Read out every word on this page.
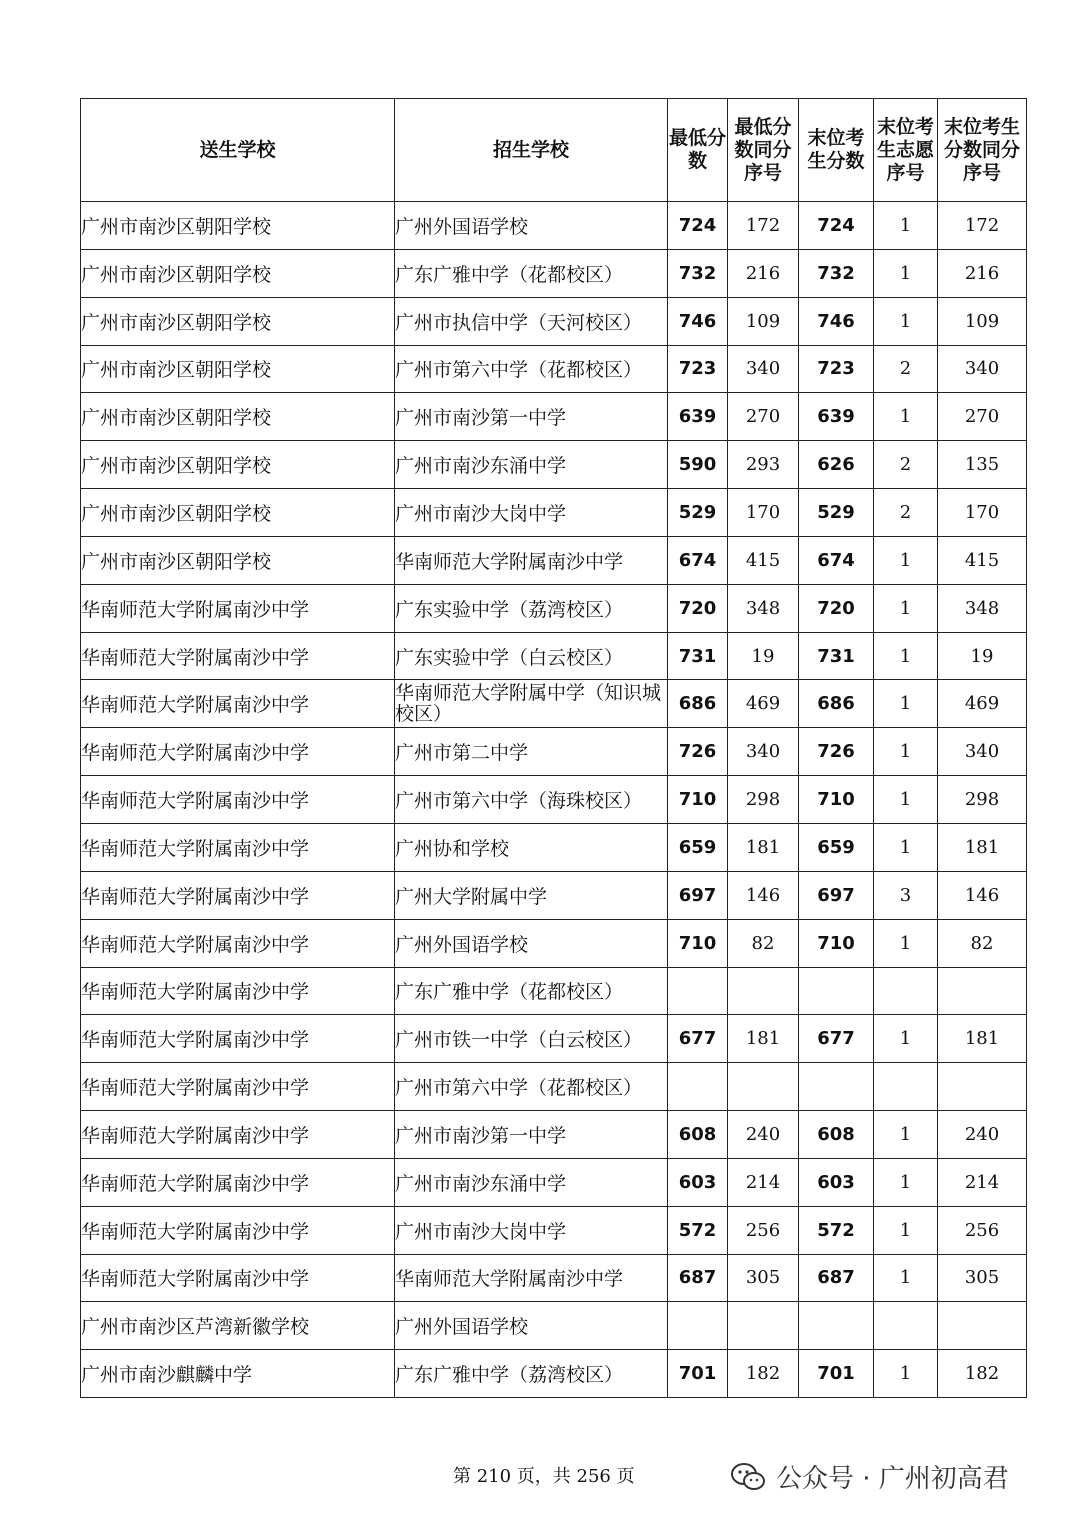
送生学校	招生学校	最低分数	最低分数同分序号	末位考生分数	末位考生志愿序号	末位考生分数同分序号
广州市南沙区朝阳学校	广州外国语学校	724	172	724	1	172
广州市南沙区朝阳学校	广东广雅中学（花都校区）	732	216	732	1	216
广州市南沙区朝阳学校	广州市执信中学（天河校区）	746	109	746	1	109
广州市南沙区朝阳学校	广州市第六中学（花都校区）	723	340	723	2	340
广州市南沙区朝阳学校	广州市南沙第一中学	639	270	639	1	270
广州市南沙区朝阳学校	广州市南沙东涌中学	590	293	626	2	135
广州市南沙区朝阳学校	广州市南沙大岗中学	529	170	529	2	170
广州市南沙区朝阳学校	华南师范大学附属南沙中学	674	415	674	1	415
华南师范大学附属南沙中学	广东实验中学（荔湾校区）	720	348	720	1	348
华南师范大学附属南沙中学	广东实验中学（白云校区）	731	19	731	1	19
华南师范大学附属南沙中学	华南师范大学附属中学（知识城校区）	686	469	686	1	469
华南师范大学附属南沙中学	广州市第二中学	726	340	726	1	340
华南师范大学附属南沙中学	广州市第六中学（海珠校区）	710	298	710	1	298
华南师范大学附属南沙中学	广州协和学校	659	181	659	1	181
华南师范大学附属南沙中学	广州大学附属中学	697	146	697	3	146
华南师范大学附属南沙中学	广州外国语学校	710	82	710	1	82
华南师范大学附属南沙中学	广东广雅中学（花都校区）					
华南师范大学附属南沙中学	广州市铁一中学（白云校区）	677	181	677	1	181
华南师范大学附属南沙中学	广州市第六中学（花都校区）					
华南师范大学附属南沙中学	广州市南沙第一中学	608	240	608	1	240
华南师范大学附属南沙中学	广州市南沙东涌中学	603	214	603	1	214
华南师范大学附属南沙中学	广州市南沙大岗中学	572	256	572	1	256
华南师范大学附属南沙中学	华南师范大学附属南沙中学	687	305	687	1	305
广州市南沙区芦湾新徽学校	广州外国语学校					
广州市南沙麒麟中学	广东广雅中学（荔湾校区）	701	182	701	1	182
第 210 页，共 256 页	公众号 · 广州初高君
